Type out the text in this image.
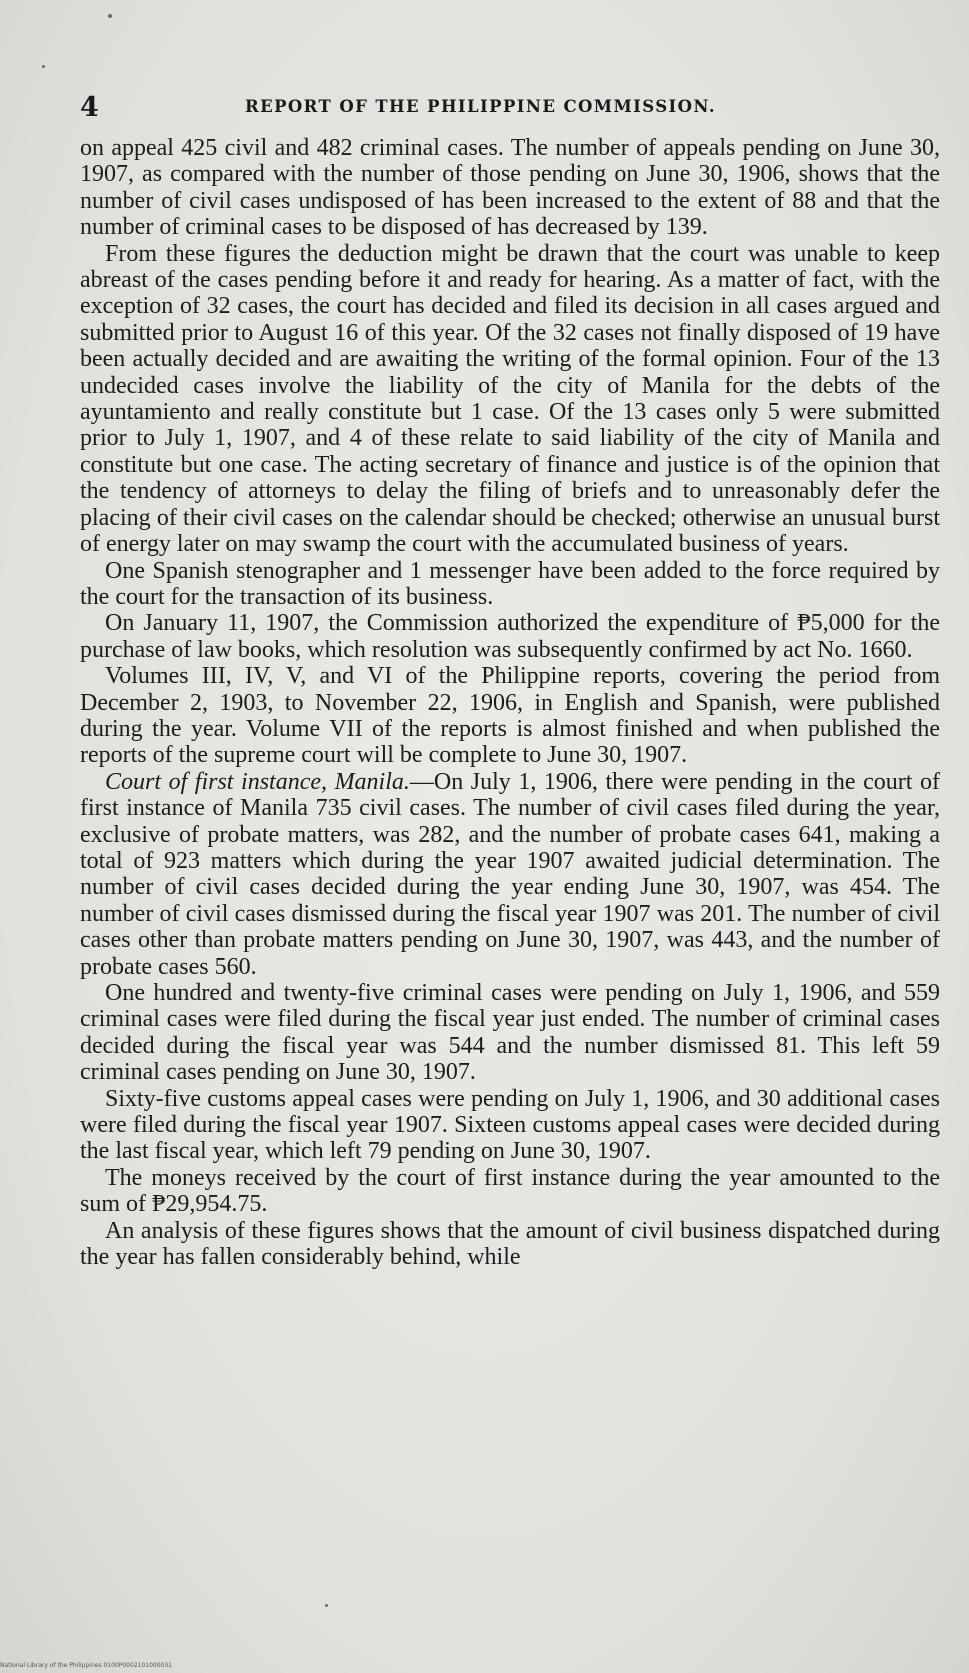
4	REPORT OF THE PHILIPPINE COMMISSION.

on appeal 425 civil and 482 criminal cases. The number of appeals pending on June 30, 1907, as compared with the number of those pending on June 30, 1906, shows that the number of civil cases undisposed of has been increased to the extent of 88 and that the number of criminal cases to be disposed of has decreased by 139.

From these figures the deduction might be drawn that the court was unable to keep abreast of the cases pending before it and ready for hearing. As a matter of fact, with the exception of 32 cases, the court has decided and filed its decision in all cases argued and submitted prior to August 16 of this year. Of the 32 cases not finally disposed of 19 have been actually decided and are awaiting the writing of the formal opinion. Four of the 13 undecided cases involve the liability of the city of Manila for the debts of the ayuntamiento and really constitute but 1 case. Of the 13 cases only 5 were submitted prior to July 1, 1907, and 4 of these relate to said liability of the city of Manila and constitute but one case. The acting secretary of finance and justice is of the opinion that the tendency of attorneys to delay the filing of briefs and to unreasonably defer the placing of their civil cases on the calendar should be checked; otherwise an unusual burst of energy later on may swamp the court with the accumulated business of years.

One Spanish stenographer and 1 messenger have been added to the force required by the court for the transaction of its business.

On January 11, 1907, the Commission authorized the expenditure of ₱5,000 for the purchase of law books, which resolution was subsequently confirmed by act No. 1660.

Volumes III, IV, V, and VI of the Philippine reports, covering the period from December 2, 1903, to November 22, 1906, in English and Spanish, were published during the year. Volume VII of the reports is almost finished and when published the reports of the supreme court will be complete to June 30, 1907.

Court of first instance, Manila.—On July 1, 1906, there were pending in the court of first instance of Manila 735 civil cases. The number of civil cases filed during the year, exclusive of probate matters, was 282, and the number of probate cases 641, making a total of 923 matters which during the year 1907 awaited judicial determination. The number of civil cases decided during the year ending June 30, 1907, was 454. The number of civil cases dismissed during the fiscal year 1907 was 201. The number of civil cases other than probate matters pending on June 30, 1907, was 443, and the number of probate cases 560.

One hundred and twenty-five criminal cases were pending on July 1, 1906, and 559 criminal cases were filed during the fiscal year just ended. The number of criminal cases decided during the fiscal year was 544 and the number dismissed 81. This left 59 criminal cases pending on June 30, 1907.

Sixty-five customs appeal cases were pending on July 1, 1906, and 30 additional cases were filed during the fiscal year 1907. Sixteen customs appeal cases were decided during the last fiscal year, which left 79 pending on June 30, 1907.

The moneys received by the court of first instance during the year amounted to the sum of ₱29,954.75.

An analysis of these figures shows that the amount of civil business dispatched during the year has fallen considerably behind, while

National Library of the Philippines 0100P0002101000031
